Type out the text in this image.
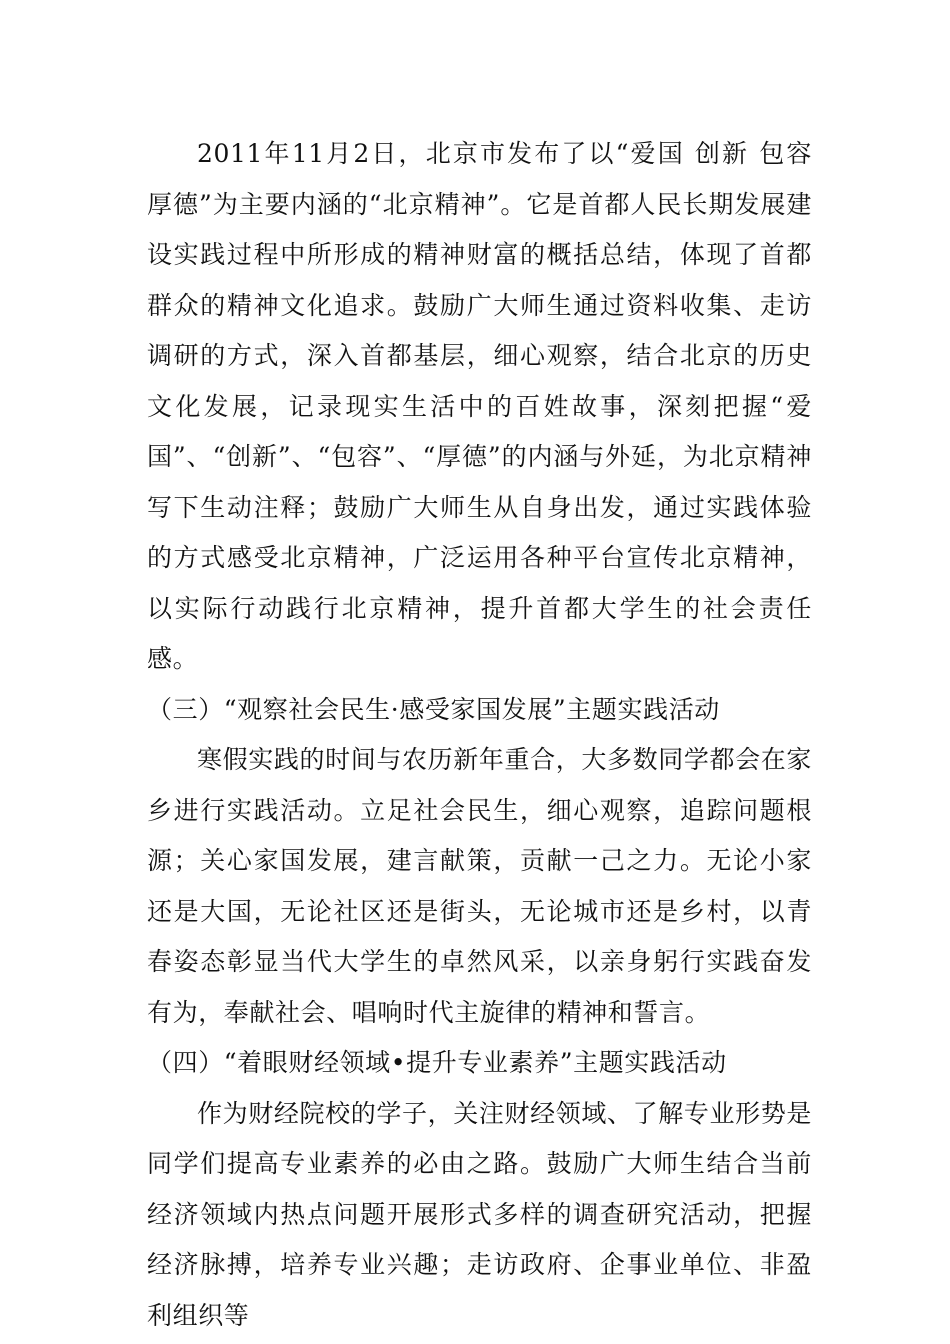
2011年11月2日，北京市发布了以“爱国 创新 包容 厚德”为主要内涵的“北京精神”。它是首都人民长期发展建设实践过程中所形成的精神财富的概括总结，体现了首都群众的精神文化追求。鼓励广大师生通过资料收集、走访调研的方式，深入首都基层，细心观察，结合北京的历史文化发展，记录现实生活中的百姓故事，深刻把握“爱国”、“创新”、“包容”、“厚德”的内涵与外延，为北京精神写下生动注释；鼓励广大师生从自身出发，通过实践体验的方式感受北京精神，广泛运用各种平台宣传北京精神，以实际行动践行北京精神，提升首都大学生的社会责任感。

（三）“观察社会民生·感受家国发展”主题实践活动

寒假实践的时间与农历新年重合，大多数同学都会在家乡进行实践活动。立足社会民生，细心观察，追踪问题根源；关心家国发展，建言献策，贡献一己之力。无论小家还是大国，无论社区还是街头，无论城市还是乡村，以青春姿态彰显当代大学生的卓然风采，以亲身躬行实践奋发有为，奉献社会、唱响时代主旋律的精神和誓言。

（四）“着眼财经领域•提升专业素养”主题实践活动

作为财经院校的学子，关注财经领域、了解专业形势是同学们提高专业素养的必由之路。鼓励广大师生结合当前经济领域内热点问题开展形式多样的调查研究活动，把握经济脉搏，培养专业兴趣；走访政府、企事业单位、非盈利组织等
